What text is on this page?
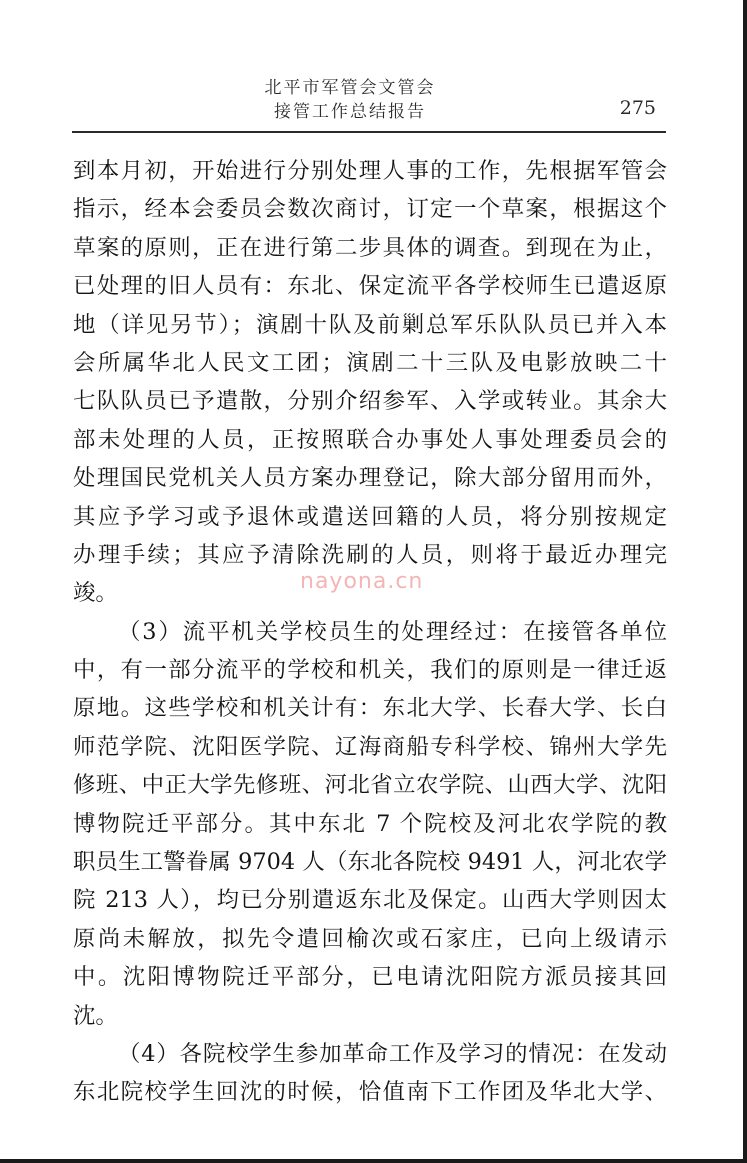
北平市军管会文管会
接管工作总结报告	275
到本月初，开始进行分别处理人事的工作，先根据军管会
指示，经本会委员会数次商讨，订定一个草案，根据这个
草案的原则，正在进行第二步具体的调查。到现在为止，
已处理的旧人员有：东北、保定流平各学校师生已遣返原
地（详见另节）；演剧十队及前剿总军乐队队员已并入本
会所属华北人民文工团；演剧二十三队及电影放映二十
七队队员已予遣散，分别介绍参军、入学或转业。其余大
部未处理的人员，正按照联合办事处人事处理委员会的
处理国民党机关人员方案办理登记，除大部分留用而外，
其应予学习或予退休或遣送回籍的人员，将分别按规定
办理手续；其应予清除洗刷的人员，则将于最近办理完
竣。
（3）流平机关学校员生的处理经过：在接管各单位
中，有一部分流平的学校和机关，我们的原则是一律迁返
原地。这些学校和机关计有：东北大学、长春大学、长白
师范学院、沈阳医学院、辽海商船专科学校、锦州大学先
修班、中正大学先修班、河北省立农学院、山西大学、沈阳
博物院迁平部分。其中东北 7 个院校及河北农学院的教
职员生工警眷属 9704 人（东北各院校 9491 人，河北农学
院 213 人），均已分别遣返东北及保定。山西大学则因太
原尚未解放，拟先令遣回榆次或石家庄，已向上级请示
中。沈阳博物院迁平部分，已电请沈阳院方派员接其回
沈。
（4）各院校学生参加革命工作及学习的情况：在发动
东北院校学生回沈的时候，恰值南下工作团及华北大学、
nayona.cn
